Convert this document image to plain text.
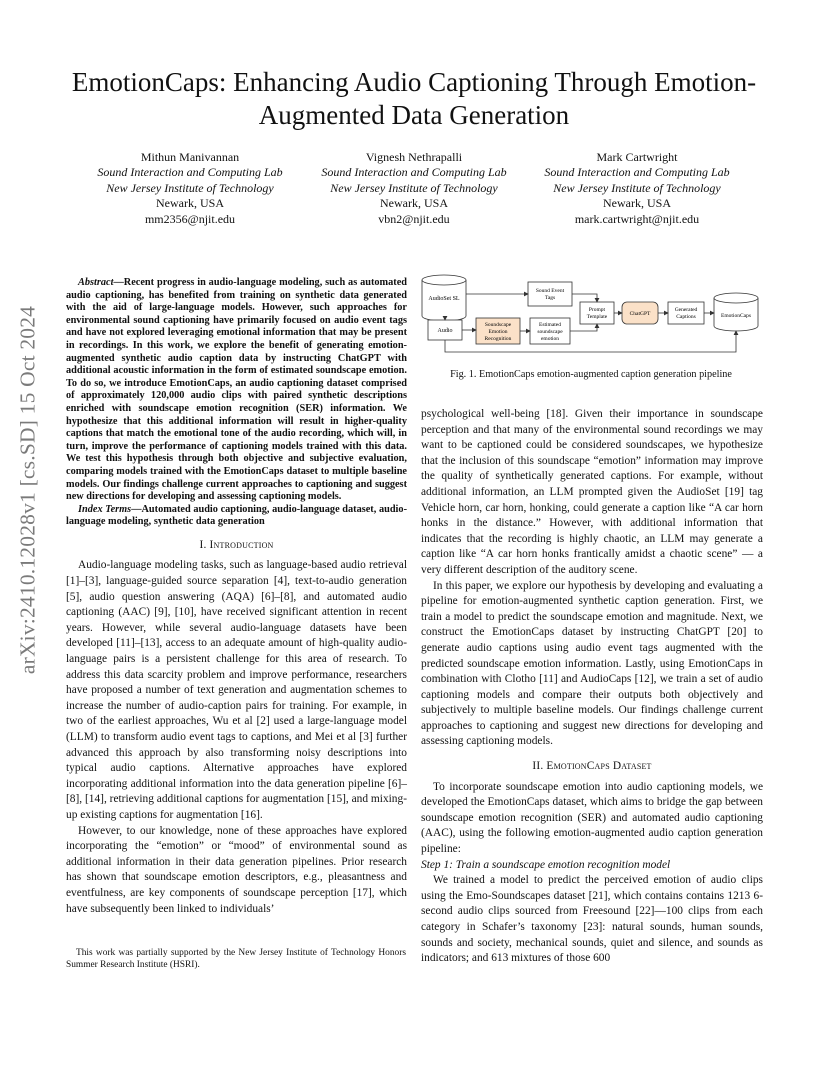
EmotionCaps: Enhancing Audio Captioning Through Emotion-Augmented Data Generation
Mithun Manivannan
Sound Interaction and Computing Lab
New Jersey Institute of Technology
Newark, USA
mm2356@njit.edu
Vignesh Nethrapalli
Sound Interaction and Computing Lab
New Jersey Institute of Technology
Newark, USA
vbn2@njit.edu
Mark Cartwright
Sound Interaction and Computing Lab
New Jersey Institute of Technology
Newark, USA
mark.cartwright@njit.edu
arXiv:2410.12028v1 [cs.SD] 15 Oct 2024

Abstract—Recent progress in audio-language modeling, such as automated audio captioning, has benefited from training on synthetic data generated with the aid of large-language models. However, such approaches for environmental sound captioning have primarily focused on audio event tags and have not explored leveraging emotional information that may be present in recordings. In this work, we explore the benefit of generating emotion-augmented synthetic audio caption data by instructing ChatGPT with additional acoustic information in the form of estimated soundscape emotion. To do so, we introduce EmotionCaps, an audio captioning dataset comprised of approximately 120,000 audio clips with paired synthetic descriptions enriched with soundscape emotion recognition (SER) information. We hypothesize that this additional information will result in higher-quality captions that match the emotional tone of the audio recording, which will, in turn, improve the performance of captioning models trained with this data. We test this hypothesis through both objective and subjective evaluation, comparing models trained with the EmotionCaps dataset to multiple baseline models. Our findings challenge current approaches to captioning and suggest new directions for developing and assessing captioning models.

Index Terms—Automated audio captioning, audio-language dataset, audio-language modeling, synthetic data generation

I. Introduction

Audio-language modeling tasks, such as language-based audio retrieval [1]–[3], language-guided source separation [4], text-to-audio generation [5], audio question answering (AQA) [6]–[8], and automated audio captioning (AAC) [9], [10], have received significant attention in recent years. However, while several audio-language datasets have been developed [11]–[13], access to an adequate amount of high-quality audio-language pairs is a persistent challenge for this area of research. To address this data scarcity problem and improve performance, researchers have proposed a number of text generation and augmentation schemes to increase the number of audio-caption pairs for training. For example, in two of the earliest approaches, Wu et al [2] used a large-language model (LLM) to transform audio event tags to captions, and Mei et al [3] further advanced this approach by also transforming noisy descriptions into typical audio captions. Alternative approaches have explored incorporating additional information into the data generation pipeline [6]–[8], [14], retrieving additional captions for augmentation [15], and mixing-up existing captions for augmentation [16].

However, to our knowledge, none of these approaches have explored incorporating the “emotion” or “mood” of environmental sound as additional information in their data generation pipelines. Prior research has shown that soundscape emotion descriptors, e.g., pleasantness and eventfulness, are key components of soundscape perception [17], which have subsequently been linked to individuals’

This work was partially supported by the New Jersey Institute of Technology Honors Summer Research Institute (HSRI).

AudioSet SL
Audio
Soundscape Emotion Recognition
Estimated soundscape emotion
Sound Event Tags
Prompt Template	ChatGPT
Generated Captions	EmotionCaps
Fig. 1. EmotionCaps emotion-augmented caption generation pipeline

psychological well-being [18]. Given their importance in soundscape perception and that many of the environmental sound recordings we may want to be captioned could be considered soundscapes, we hypothesize that the inclusion of this soundscape “emotion” information may improve the quality of synthetically generated captions. For example, without additional information, an LLM prompted given the AudioSet [19] tag Vehicle horn, car horn, honking, could generate a caption like “A car horn honks in the distance.” However, with additional information that indicates that the recording is highly chaotic, an LLM may generate a caption like “A car horn honks frantically amidst a chaotic scene” — a very different description of the auditory scene.

In this paper, we explore our hypothesis by developing and evaluating a pipeline for emotion-augmented synthetic caption generation. First, we train a model to predict the soundscape emotion and magnitude. Next, we construct the EmotionCaps dataset by instructing ChatGPT [20] to generate audio captions using audio event tags augmented with the predicted soundscape emotion information. Lastly, using EmotionCaps in combination with Clotho [11] and AudioCaps [12], we train a set of audio captioning models and compare their outputs both objectively and subjectively to multiple baseline models. Our findings challenge current approaches to captioning and suggest new directions for developing and assessing captioning models.

II. EmotionCaps Dataset

To incorporate soundscape emotion into audio captioning models, we developed the EmotionCaps dataset, which aims to bridge the gap between soundscape emotion recognition (SER) and automated audio captioning (AAC), using the following emotion-augmented audio caption generation pipeline:

Step 1: Train a soundscape emotion recognition model

We trained a model to predict the perceived emotion of audio clips using the Emo-Soundscapes dataset [21], which contains contains 1213 6-second audio clips sourced from Freesound [22]—100 clips from each category in Schafer’s taxonomy [23]: natural sounds, human sounds, sounds and society, mechanical sounds, quiet and silence, and sounds as indicators; and 613 mixtures of those 600
